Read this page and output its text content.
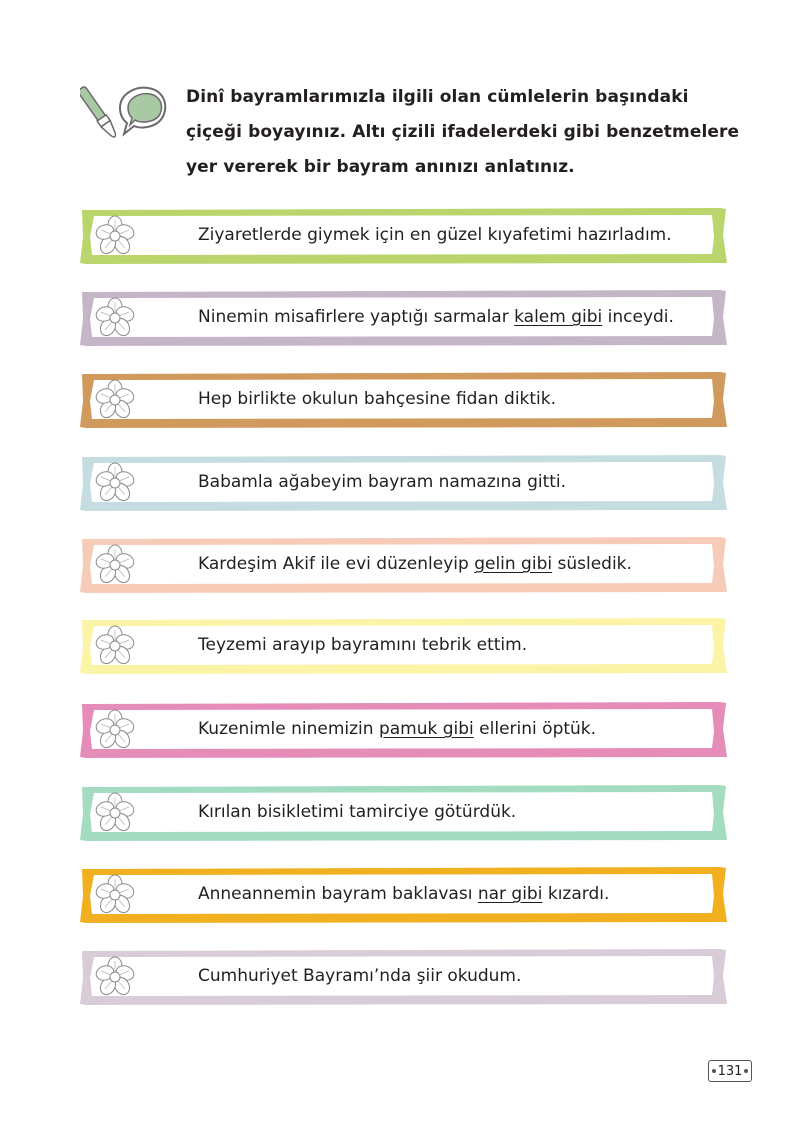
Dinî bayramlarımızla ilgili olan cümlelerin başındaki çiçeği boyayınız. Altı çizili ifadelerdeki gibi benzetmelere yer vererek bir bayram anınızı anlatınız.

Ziyaretlerde giymek için en güzel kıyafetimi hazırladım.
Ninemin misafirlere yaptığı sarmalar kalem gibi inceydi.
Hep birlikte okulun bahçesine fidan diktik.
Babamla ağabeyim bayram namazına gitti.
Kardeşim Akif ile evi düzenleyip gelin gibi süsledik.
Teyzemi arayıp bayramını tebrik ettim.
Kuzenimle ninemizin pamuk gibi ellerini öptük.
Kırılan bisikletimi tamirciye götürdük.
Anneannemin bayram baklavası nar gibi kızardı.
Cumhuriyet Bayramı’nda şiir okudum.
131
